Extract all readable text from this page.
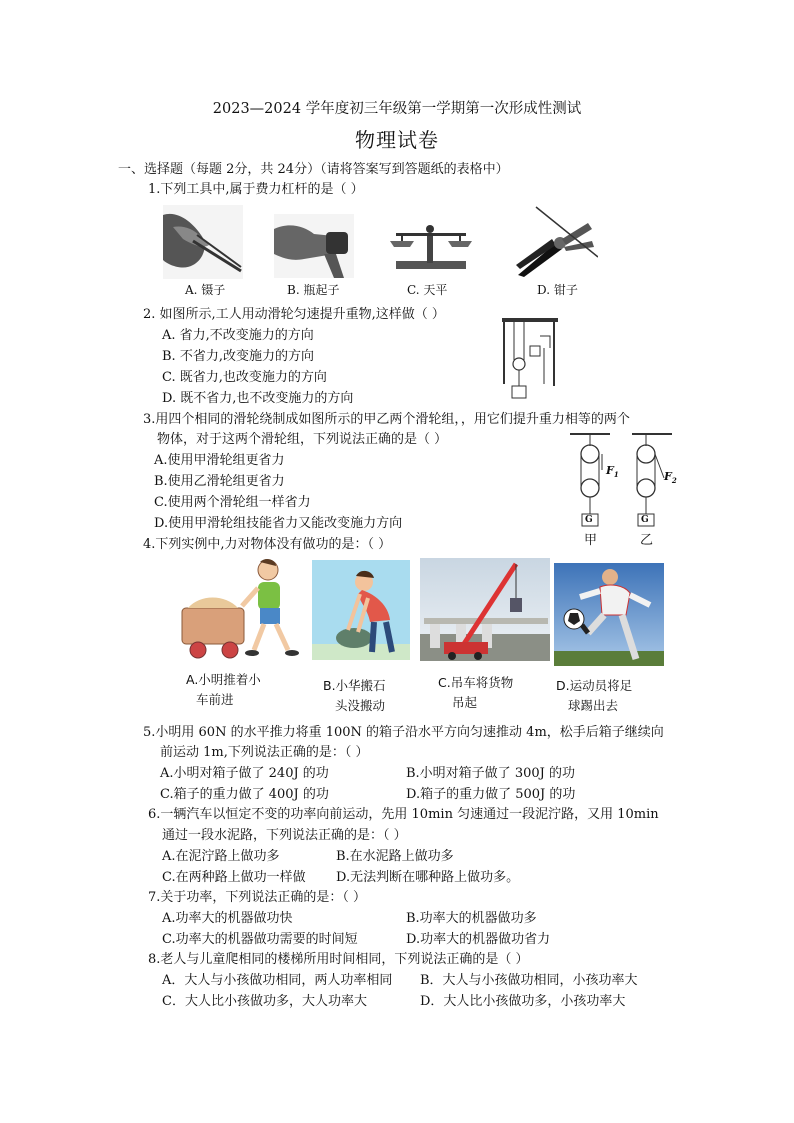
2023—2024 学年度初三年级第一学期第一次形成性测试
物理试卷
一、选择题（每题 2分，共 24分）（请将答案写到答题纸的表格中）
1.下列工具中,属于费力杠杆的是（ ）
A. 镊子	B. 瓶起子	C. 天平	D. 钳子
2. 如图所示,工人用动滑轮匀速提升重物,这样做（ ）
A. 省力,不改变施力的方向
B. 不省力,改变施力的方向
C. 既省力,也改变施力的方向
D. 既不省力,也不改变施力的方向
3.用四个相同的滑轮绕制成如图所示的甲乙两个滑轮组，，用它们提升重力相等的两个
物体，对于这两个滑轮组，下列说法正确的是（ ）
A.使用甲滑轮组更省力
B.使用乙滑轮组更省力
C.使用两个滑轮组一样省力
D.使用甲滑轮组技能省力又能改变施力方向
$F_1$	$F_2$
G	G
甲	乙
4.下列实例中,力对物体没有做功的是：（ ）
A.小明推着小
车前进
B.小华搬石
头没搬动
C.吊车将货物
吊起
D.运动员将足
球踢出去
5.小明用 60N 的水平推力将重 100N 的箱子沿水平方向匀速推动 4m，松手后箱子继续向
前运动 1m,下列说法正确的是：（ ）
A.小明对箱子做了 240J 的功	B.小明对箱子做了 300J 的功
C.箱子的重力做了 400J 的功	D.箱子的重力做了 500J 的功
6.一辆汽车以恒定不变的功率向前运动，先用 10min 匀速通过一段泥泞路，又用 10min
通过一段水泥路，下列说法正确的是：（ ）
A.在泥泞路上做功多	B.在水泥路上做功多
C.在两种路上做功一样做 D.无法判断在哪种路上做功多。
7.关于功率，下列说法正确的是：（ ）
A.功率大的机器做功快	B.功率大的机器做功多
C.功率大的机器做功需要的时间短	D.功率大的机器做功省力
8.老人与儿童爬相同的楼梯所用时间相同，下列说法正确的是（ ）
A．大人与小孩做功相同，两人功率相同 B．大人与小孩做功相同，小孩功率大
C．大人比小孩做功多，大人功率大	D．大人比小孩做功多，小孩功率大
